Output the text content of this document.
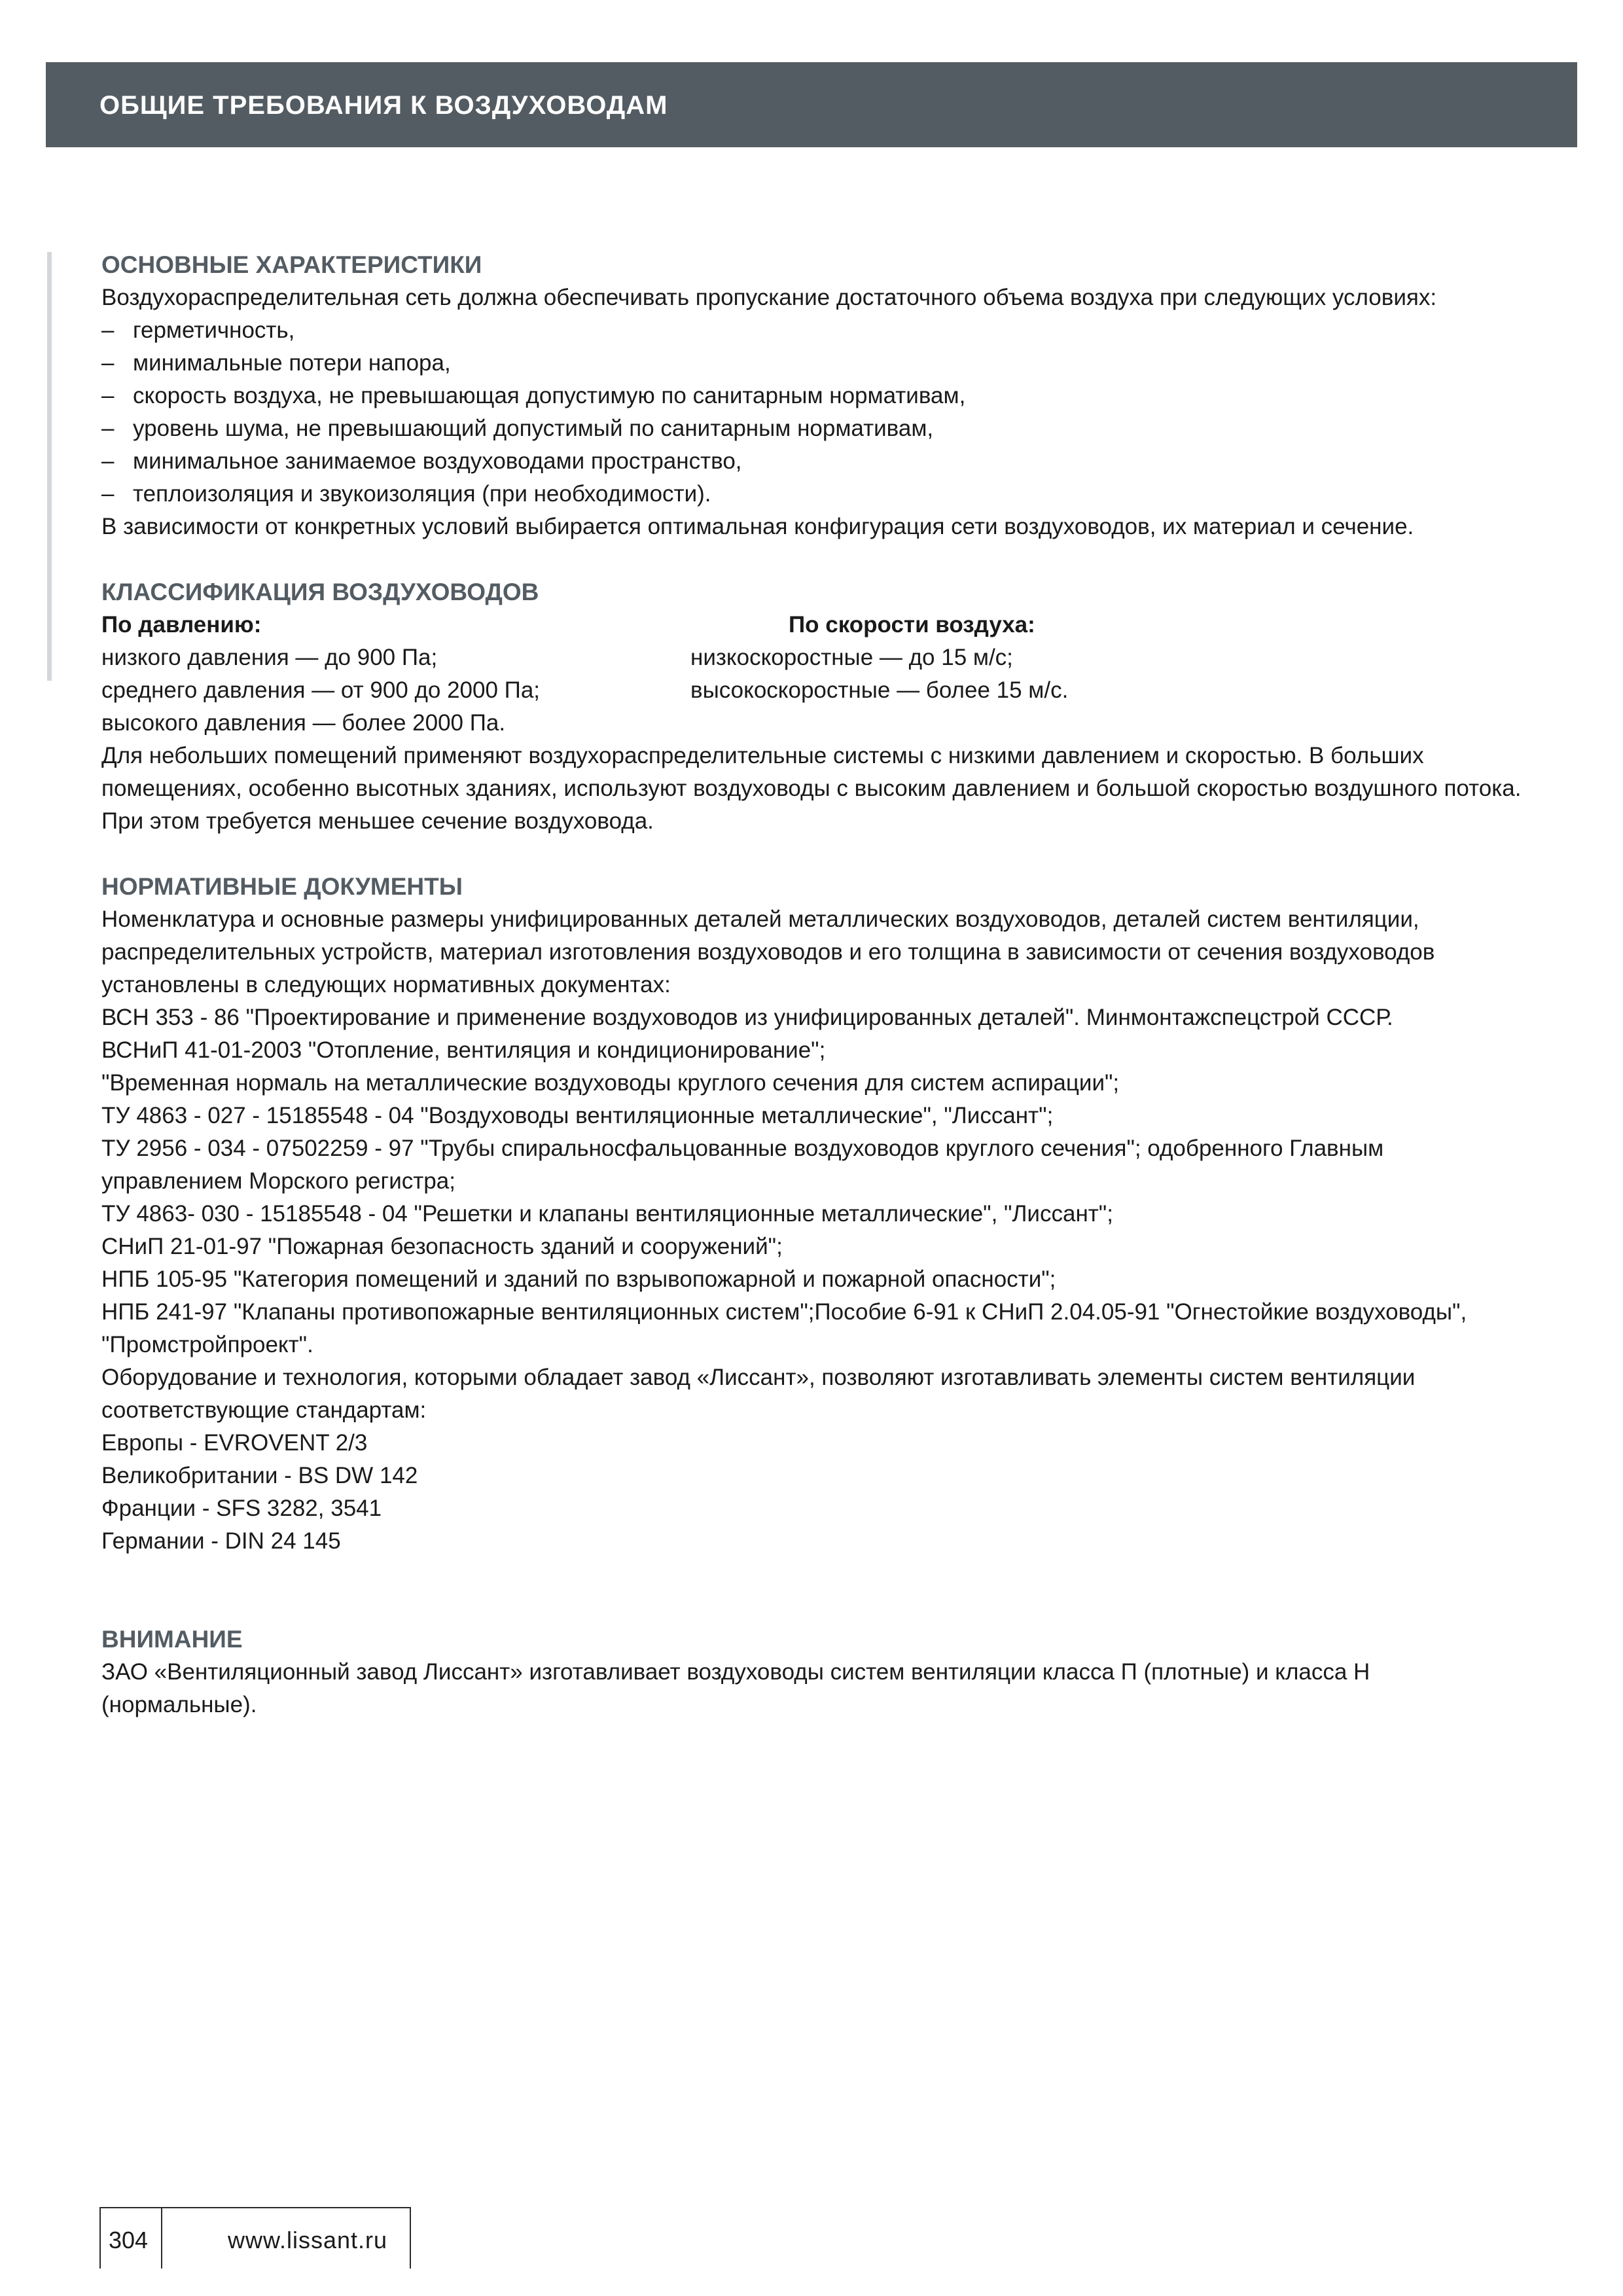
ОБЩИЕ ТРЕБОВАНИЯ К ВОЗДУХОВОДАМ
ОСНОВНЫЕ ХАРАКТЕРИСТИКИ

Воздухораспределительная сеть должна обеспечивать пропускание достаточного объема воздуха при следующих условиях:

– герметичность,
– минимальные потери напора,
– скорость воздуха, не превышающая допустимую по санитарным нормативам,
– уровень шума, не превышающий допустимый по санитарным нормативам,
– минимальное занимаемое воздуховодами пространство,
– теплоизоляция и звукоизоляция (при необходимости).

В зависимости от конкретных условий выбирается оптимальная конфигурация сети воздуховодов, их материал и сечение.

КЛАССИФИКАЦИЯ ВОЗДУХОВОДОВ
По давлению:
низкого давления — до 900 Па;
среднего давления — от 900 до 2000 Па;
высокого давления — более 2000 Па.
По скорости воздуха:
низкоскоростные — до 15 м/с;
высокоскоростные — более 15 м/с.

Для небольших помещений применяют воздухораспределительные системы с низкими давлением и скоростью. В больших помещениях, особенно высотных зданиях, используют воздуховоды с высоким давлением и большой скоростью воздушного потока. При этом требуется меньшее сечение воздуховода.

НОРМАТИВНЫЕ ДОКУМЕНТЫ

Номенклатура и основные размеры унифицированных деталей металлических воздуховодов, деталей систем вентиляции, распределительных устройств, материал изготовления воздуховодов и его толщина в зависимости от сечения воздуховодов установлены в следующих нормативных документах:

ВСН 353 - 86 "Проектирование и применение воздуховодов из унифицированных деталей". Минмонтажспецстрой СССР.

ВСНиП 41-01-2003 "Отопление, вентиляция и кондиционирование";

"Временная нормаль на металлические воздуховоды круглого сечения для систем аспирации";

ТУ 4863 - 027 - 15185548 - 04 "Воздуховоды вентиляционные металлические", "Лиссант";

ТУ 2956 - 034 - 07502259 - 97 "Трубы спиральносфальцованные воздуховодов круглого сечения"; одобренного Главным управлением Морского регистра;

ТУ 4863- 030 - 15185548 - 04 "Решетки и клапаны вентиляционные металлические", "Лиссант";

СНиП 21-01-97 "Пожарная безопасность зданий и сооружений";

НПБ 105-95 "Категория помещений и зданий по взрывопожарной и пожарной опасности";

НПБ 241-97 "Клапаны противопожарные вентиляционных систем";Пособие 6-91 к СНиП 2.04.05-91 "Огнестойкие воздуховоды", "Промстройпроект".

Оборудование и технология, которыми обладает завод «Лиссант», позволяют изготавливать элементы систем вентиляции соответствующие стандартам:

Европы - EVROVENT 2/3

Великобритании - BS DW 142

Франции - SFS 3282, 3541

Германии - DIN 24 145

ВНИМАНИЕ

ЗАО «Вентиляционный завод Лиссант» изготавливает воздуховоды систем вентиляции класса П (плотные) и класса Н (нормальные).

304	www.lissant.ru
